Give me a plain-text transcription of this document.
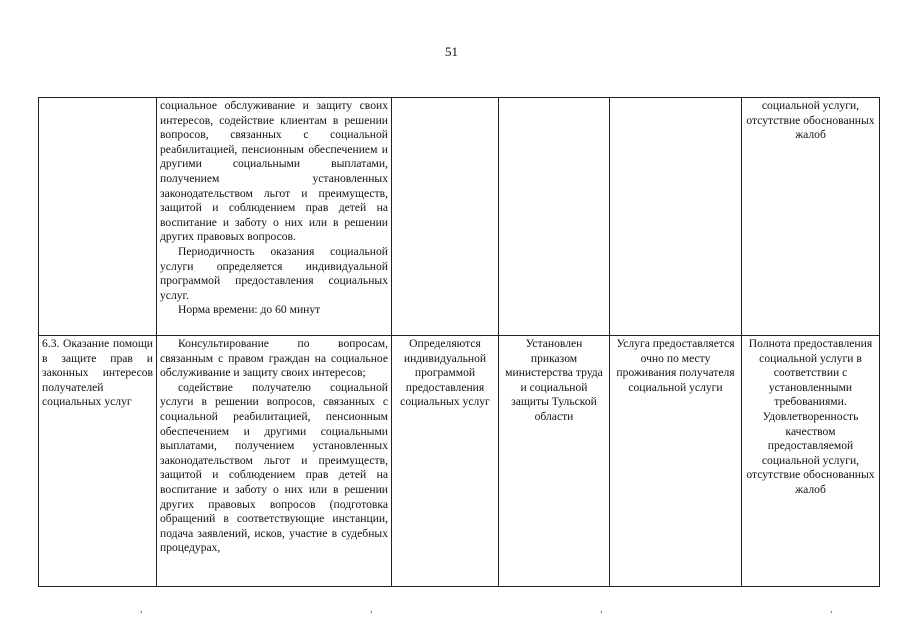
51

	социальное обслуживание и защиту своих интересов, содействие клиентам в решении вопросов, связанных с социальной реабилитацией, пенсионным обеспечением и другими социальными выплатами, получением установленных законодательством льгот и преимуществ, защитой и соблюдением прав детей на воспитание и заботу о них или в решении других правовых вопросов.

Периодичность оказания социальной услуги определяется индивидуальной программой предоставления социальных услуг.

Норма времени: до 60 минут				социальной услуги, отсутствие обоснованных жалоб
6.3. Оказание помощи в защите прав и законных интересов получателей социальных услуг	Консультирование по вопросам, связанным с правом граждан на социальное обслуживание и защиту своих интересов;

содействие получателю социальной услуги в решении вопросов, связанных с социальной реабилитацией, пенсионным обеспечением и другими социальными выплатами, получением установленных законодательством льгот и преимуществ, защитой и соблюдением прав детей на воспитание и заботу о них или в решении других правовых вопросов (подготовка обращений в соответствующие инстанции, подача заявлений, исков, участие в судебных процедурах,	Определяются индивидуальной программой предоставления социальных услуг	Установлен приказом министерства труда и социальной защиты Тульской области	Услуга предоставляется очно по месту проживания получателя социальной услуги	Полнота предоставления социальной услуги в соответствии с установленными требованиями. Удовлетворенность качеством предоставляемой социальной услуги, отсутствие обоснованных жалоб
,	,	,	,
